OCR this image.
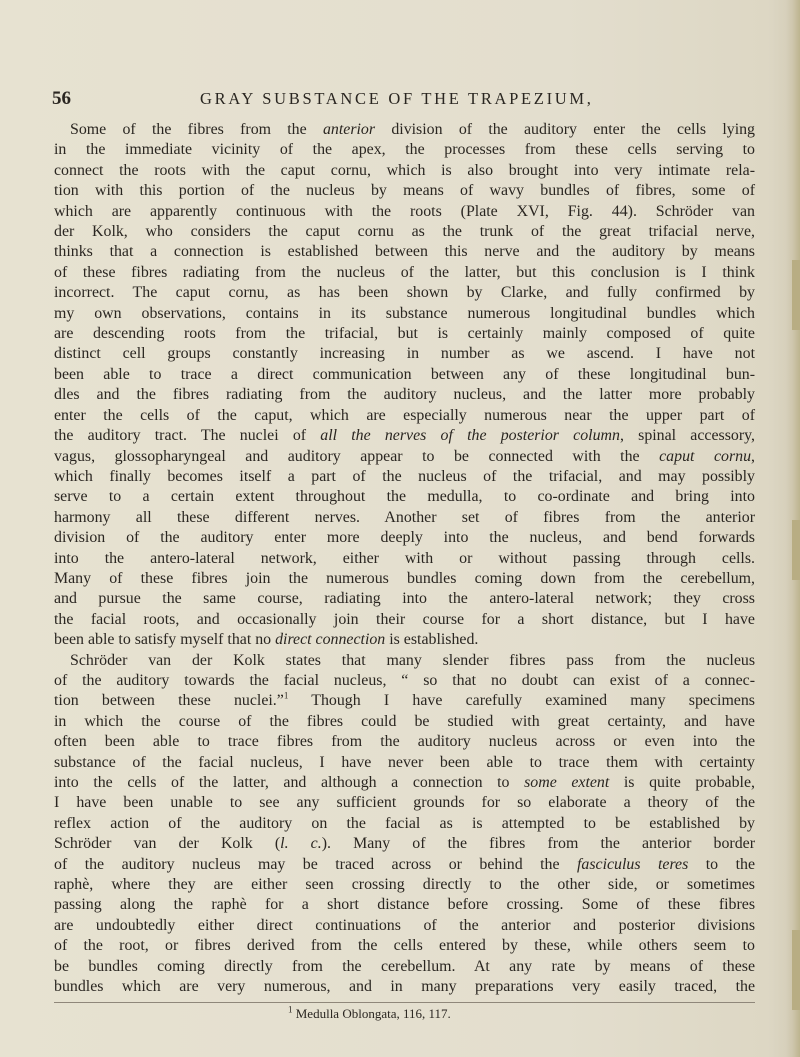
56	GRAY SUBSTANCE OF THE TRAPEZIUM,
Some of the fibres from the anterior division of the auditory enter the cells lying
in the immediate vicinity of the apex, the processes from these cells serving to
connect the roots with the caput cornu, which is also brought into very intimate rela-
tion with this portion of the nucleus by means of wavy bundles of fibres, some of
which are apparently continuous with the roots (Plate XVI, Fig. 44). Schröder van
der Kolk, who considers the caput cornu as the trunk of the great trifacial nerve,
thinks that a connection is established between this nerve and the auditory by means
of these fibres radiating from the nucleus of the latter, but this conclusion is I think
incorrect. The caput cornu, as has been shown by Clarke, and fully confirmed by
my own observations, contains in its substance numerous longitudinal bundles which
are descending roots from the trifacial, but is certainly mainly composed of quite
distinct cell groups constantly increasing in number as we ascend. I have not
been able to trace a direct communication between any of these longitudinal bun-
dles and the fibres radiating from the auditory nucleus, and the latter more probably
enter the cells of the caput, which are especially numerous near the upper part of
the auditory tract. The nuclei of all the nerves of the posterior column, spinal accessory,
vagus, glossopharyngeal and auditory appear to be connected with the caput cornu,
which finally becomes itself a part of the nucleus of the trifacial, and may possibly
serve to a certain extent throughout the medulla, to co-ordinate and bring into
harmony all these different nerves. Another set of fibres from the anterior
division of the auditory enter more deeply into the nucleus, and bend forwards
into the antero-lateral network, either with or without passing through cells.
Many of these fibres join the numerous bundles coming down from the cerebellum,
and pursue the same course, radiating into the antero-lateral network; they cross
the facial roots, and occasionally join their course for a short distance, but I have
been able to satisfy myself that no direct connection is established.
Schröder van der Kolk states that many slender fibres pass from the nucleus
of the auditory towards the facial nucleus, “ so that no doubt can exist of a connec-
tion between these nuclei.”$^1$ Though I have carefully examined many specimens
in which the course of the fibres could be studied with great certainty, and have
often been able to trace fibres from the auditory nucleus across or even into the
substance of the facial nucleus, I have never been able to trace them with certainty
into the cells of the latter, and although a connection to some extent is quite probable,
I have been unable to see any sufficient grounds for so elaborate a theory of the
reflex action of the auditory on the facial as is attempted to be established by
Schröder van der Kolk (l. c.). Many of the fibres from the anterior border
of the auditory nucleus may be traced across or behind the fasciculus teres to the
raphè, where they are either seen crossing directly to the other side, or sometimes
passing along the raphè for a short distance before crossing. Some of these fibres
are undoubtedly either direct continuations of the anterior and posterior divisions
of the root, or fibres derived from the cells entered by these, while others seem to
be bundles coming directly from the cerebellum. At any rate by means of these
bundles which are very numerous, and in many preparations very easily traced, the
$^1$ Medulla Oblongata, 116, 117.
